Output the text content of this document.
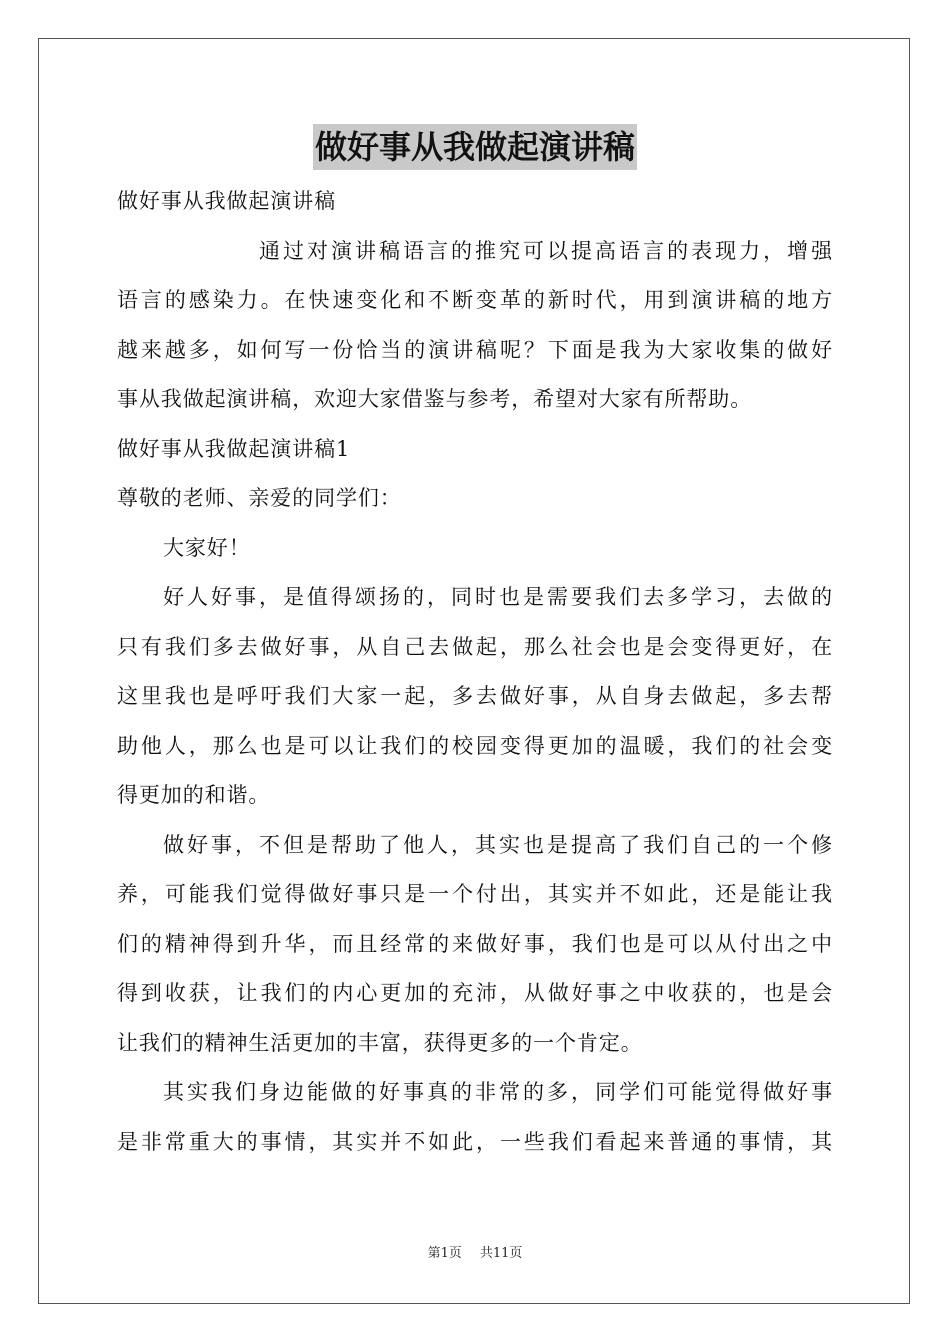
做好事从我做起演讲稿
做好事从我做起演讲稿
通过对演讲稿语言的推究可以提高语言的表现力，增强
语言的感染力。在快速变化和不断变革的新时代，用到演讲稿的地方
越来越多，如何写一份恰当的演讲稿呢？下面是我为大家收集的做好
事从我做起演讲稿，欢迎大家借鉴与参考，希望对大家有所帮助。
做好事从我做起演讲稿1
尊敬的老师、亲爱的同学们：
大家好！
好人好事，是值得颂扬的，同时也是需要我们去多学习，去做的
只有我们多去做好事，从自己去做起，那么社会也是会变得更好，在
这里我也是呼吁我们大家一起，多去做好事，从自身去做起，多去帮
助他人，那么也是可以让我们的校园变得更加的温暖，我们的社会变
得更加的和谐。
做好事，不但是帮助了他人，其实也是提高了我们自己的一个修
养，可能我们觉得做好事只是一个付出，其实并不如此，还是能让我
们的精神得到升华，而且经常的来做好事，我们也是可以从付出之中
得到收获，让我们的内心更加的充沛，从做好事之中收获的，也是会
让我们的精神生活更加的丰富，获得更多的一个肯定。
其实我们身边能做的好事真的非常的多，同学们可能觉得做好事
是非常重大的事情，其实并不如此，一些我们看起来普通的事情，其
第1页 共11页
